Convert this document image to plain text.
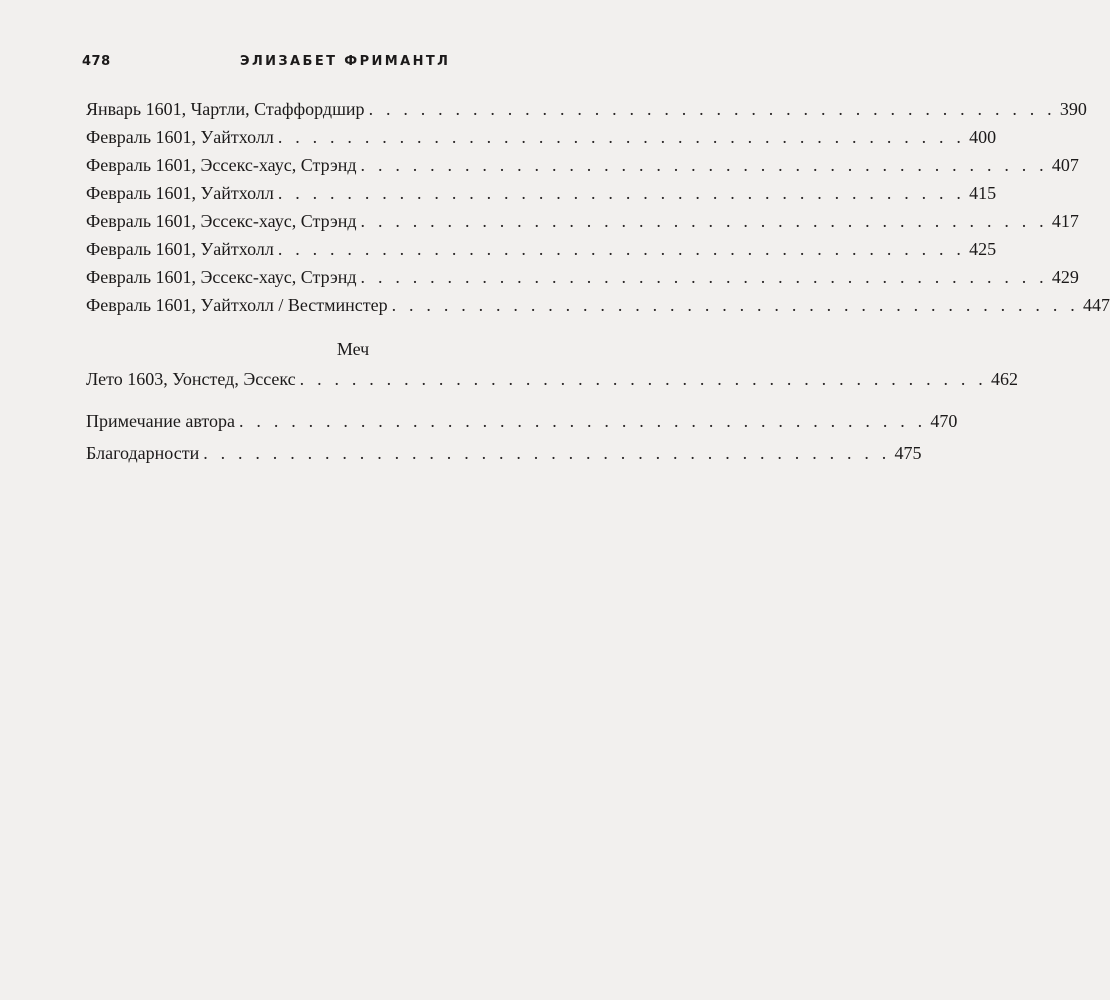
478	ЭЛИЗАБЕТ ФРИМАНТЛ
Январь 1601, Чартли, Стаффордшир . . . . . . . . . . . . . . . . . . . . . . . . . . . . . . . . . . . . . . . . 390
Февраль 1601, Уайтхолл . . . . . . . . . . . . . . . . . . . . . . . . . . . . . . . . . . . . . . . . 400
Февраль 1601, Эссекс-хаус, Стрэнд . . . . . . . . . . . . . . . . . . . . . . . . . . . . . . . . . . . . . . . . 407
Февраль 1601, Уайтхолл . . . . . . . . . . . . . . . . . . . . . . . . . . . . . . . . . . . . . . . . 415
Февраль 1601, Эссекс-хаус, Стрэнд . . . . . . . . . . . . . . . . . . . . . . . . . . . . . . . . . . . . . . . . 417
Февраль 1601, Уайтхолл . . . . . . . . . . . . . . . . . . . . . . . . . . . . . . . . . . . . . . . . 425
Февраль 1601, Эссекс-хаус, Стрэнд . . . . . . . . . . . . . . . . . . . . . . . . . . . . . . . . . . . . . . . . 429
Февраль 1601, Уайтхолл / Вестминстер . . . . . . . . . . . . . . . . . . . . . . . . . . . . . . . . . . . . . . . . 447
Меч
Лето 1603, Уонстед, Эссекс . . . . . . . . . . . . . . . . . . . . . . . . . . . . . . . . . . . . . . . . 462
Примечание автора . . . . . . . . . . . . . . . . . . . . . . . . . . . . . . . . . . . . . . . . 470
Благодарности . . . . . . . . . . . . . . . . . . . . . . . . . . . . . . . . . . . . . . . . 475
